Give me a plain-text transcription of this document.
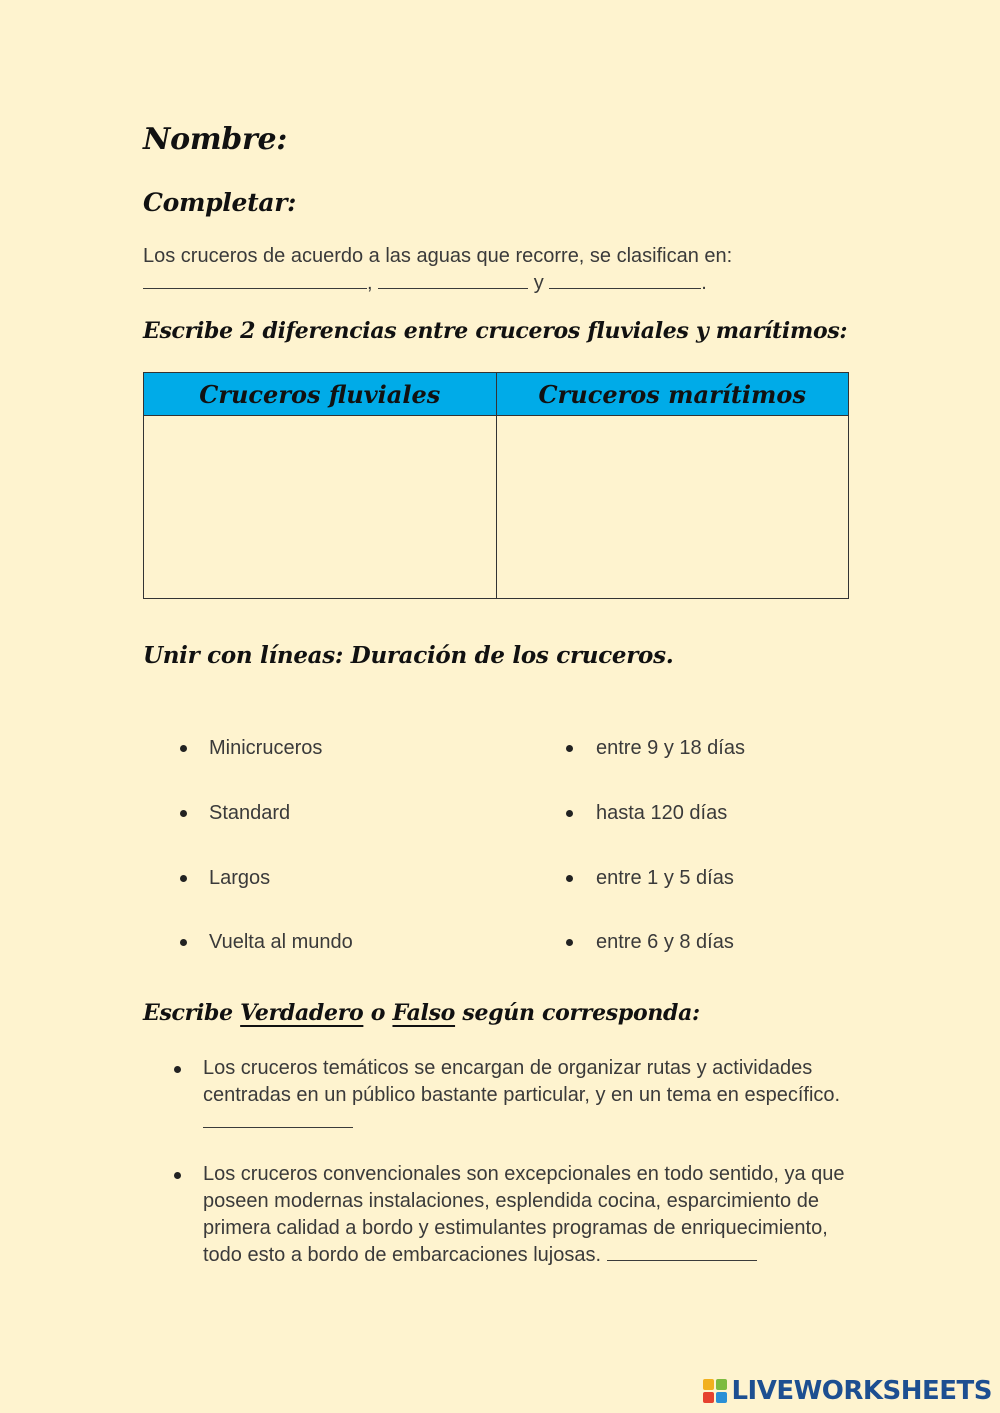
Nombre:
Completar:

Los cruceros de acuerdo a las aguas que recorre, se clasifican en:
,	y	.

Escribe 2 diferencias entre cruceros fluviales y marítimos:
Cruceros fluviales	Cruceros marítimos

Unir con líneas: Duración de los cruceros.
Minicruceros
Standard
Largos
Vuelta al mundo
entre 9 y 18 días
hasta 120 días
entre 1 y 5 días
entre 6 y 8 días
Escribe Verdadero o Falso según corresponda:
Los cruceros temáticos se encargan de organizar rutas y actividades centradas en un público bastante particular, y en un tema en específico.
Los cruceros convencionales son excepcionales en todo sentido, ya que poseen modernas instalaciones, esplendida cocina, esparcimiento de primera calidad a bordo y estimulantes programas de enriquecimiento, todo esto a bordo de embarcaciones lujosas.
LIVEWORKSHEETS
